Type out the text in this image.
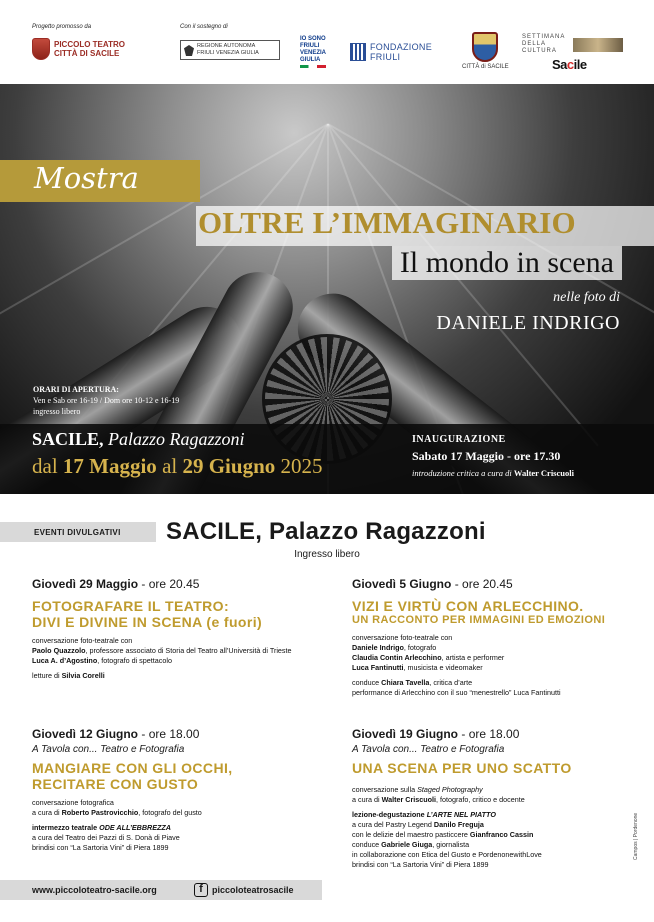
Progetto promosso da	Con il sostegno di
PICCOLO TEATRO
CITTÀ DI SACILE
REGIONE AUTONOMA
FRIULI VENEZIA GIULIA
IO SONO
FRIULI
VENEZIA
GIULIA
FONDAZIONE
FRIULI
CITTÀ di SACILE
SETTIMANA DELLA CULTURA
Sacile
Mostra
OLTRE L’IMMAGINARIO
Il mondo in scena
nelle foto di
DANIELE INDRIGO
ORARI DI APERTURA:
Ven e Sab ore 16-19 / Dom ore 10-12 e 16-19
ingresso libero
SACILE, Palazzo Ragazzoni
dal 17 Maggio al 29 Giugno 2025
INAUGURAZIONE
Sabato 17 Maggio - ore 17.30
introduzione critica a cura di Walter Criscuoli
EVENTI DIVULGATIVI	SACILE, Palazzo Ragazzoni
Ingresso libero
Giovedì 29 Maggio - ore 20.45
FOTOGRAFARE IL TEATRO:
DIVI E DIVINE IN SCENA (e fuori)
conversazione foto-teatrale con
Paolo Quazzolo, professore associato di Storia del Teatro all’Università di Trieste
Luca A. d’Agostino, fotografo di spettacolo
letture di Silvia Corelli
Giovedì 5 Giugno - ore 20.45
VIZI E VIRTÙ CON ARLECCHINO.
UN RACCONTO PER IMMAGINI ED EMOZIONI
conversazione foto-teatrale con
Daniele Indrigo, fotografo
Claudia Contin Arlecchino, artista e performer
Luca Fantinutti, musicista e videomaker
conduce Chiara Tavella, critica d’arte
performance di Arlecchino con il suo “menestrello” Luca Fantinutti
Giovedì 12 Giugno - ore 18.00
A Tavola con... Teatro e Fotografia
MANGIARE CON GLI OCCHI,
RECITARE CON GUSTO
conversazione fotografica
a cura di Roberto Pastrovicchio, fotografo del gusto
intermezzo teatrale ODE ALL’EBBREZZA
a cura del Teatro dei Pazzi di S. Donà di Piave
brindisi con “La Sartoria Vini” di Piera 1899
Giovedì 19 Giugno - ore 18.00
A Tavola con... Teatro e Fotografia
UNA SCENA PER UNO SCATTO
conversazione sulla Staged Photography
a cura di Walter Criscuoli, fotografo, critico e docente
lezione-degustazione L’ARTE NEL PIATTO
a cura del Pastry Legend Danilo Freguja
con le delizie del maestro pasticcere Gianfranco Cassin
conduce Gabriele Giuga, giornalista
in collaborazione con Etica del Gusto e PordenonewithLove
brindisi con “La Sartoria Vini” di Piera 1899
www.piccoloteatro-sacile.org	f	piccoloteatrosacile
Campos | Pordenone
